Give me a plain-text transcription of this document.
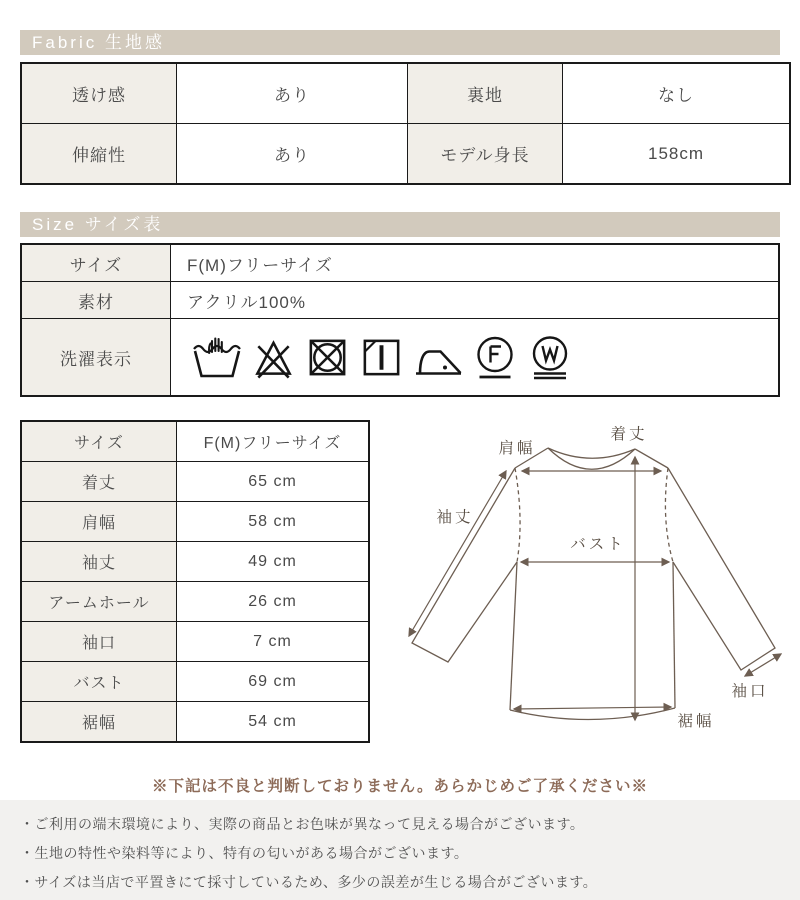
Fabric 生地感
透け感	あり	裏地	なし
伸縮性	あり	モデル身長	158cm
Size サイズ表
サイズ	F(M)フリーサイズ
素材	アクリル100%
洗濯表示	
サイズ	F(M)フリーサイズ
着丈	65 cm
肩幅	58 cm
袖丈	49 cm
アームホール	26 cm
袖口	7 cm
バスト	69 cm
裾幅	54 cm
着丈
肩幅
袖丈
バスト
袖口
裾幅
※下記は不良と判断しておりません。あらかじめご了承ください※
・ご利用の端末環境により、実際の商品とお色味が異なって見える場合がございます。
・生地の特性や染料等により、特有の匂いがある場合がございます。
・サイズは当店で平置きにて採寸しているため、多少の誤差が生じる場合がございます。
